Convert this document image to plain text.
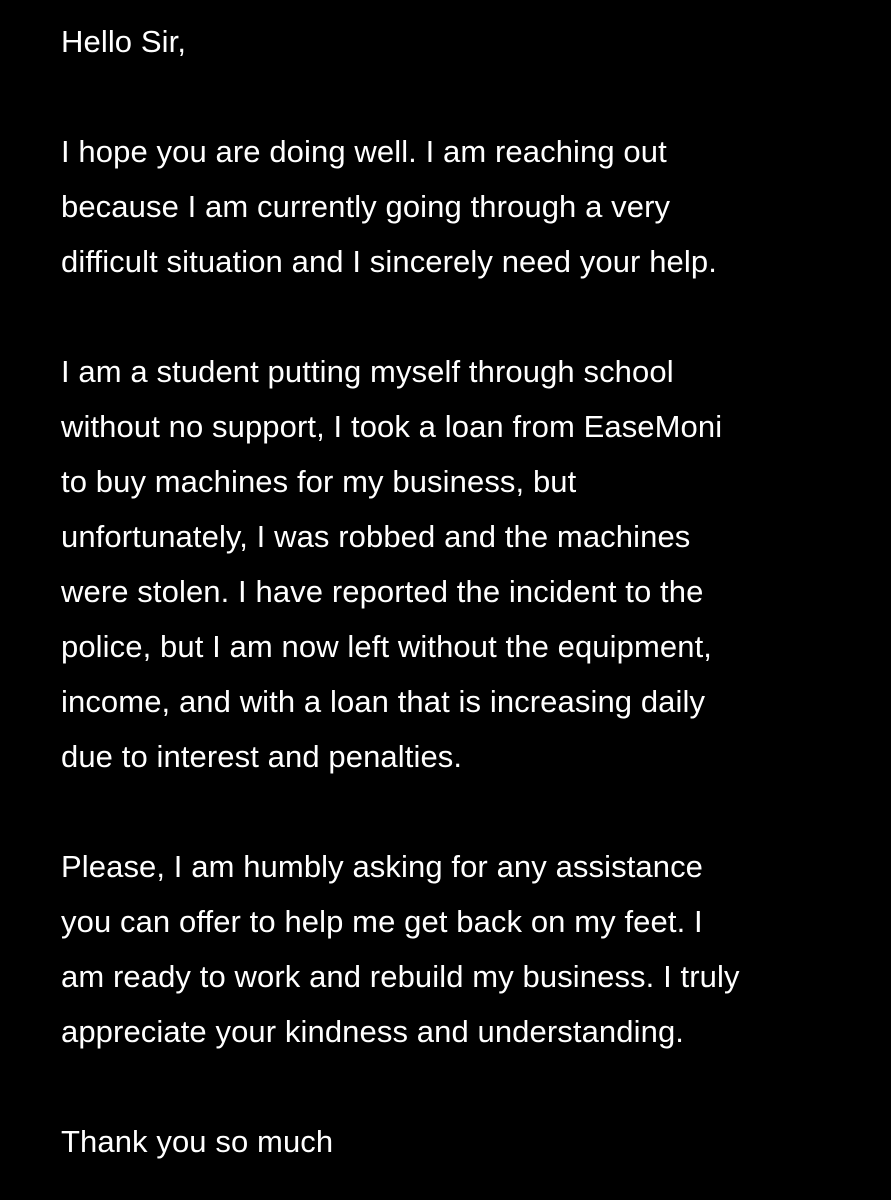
Hello Sir,
I hope you are doing well. I am reaching out
because I am currently going through a very
difficult situation and I sincerely need your help.
I am a student putting myself through school
without no support, I took a loan from EaseMoni
to buy machines for my business, but
unfortunately, I was robbed and the machines
were stolen. I have reported the incident to the
police, but I am now left without the equipment,
income, and with a loan that is increasing daily
due to interest and penalties.
Please, I am humbly asking for any assistance
you can offer to help me get back on my feet. I
am ready to work and rebuild my business. I truly
appreciate your kindness and understanding.
Thank you so much
